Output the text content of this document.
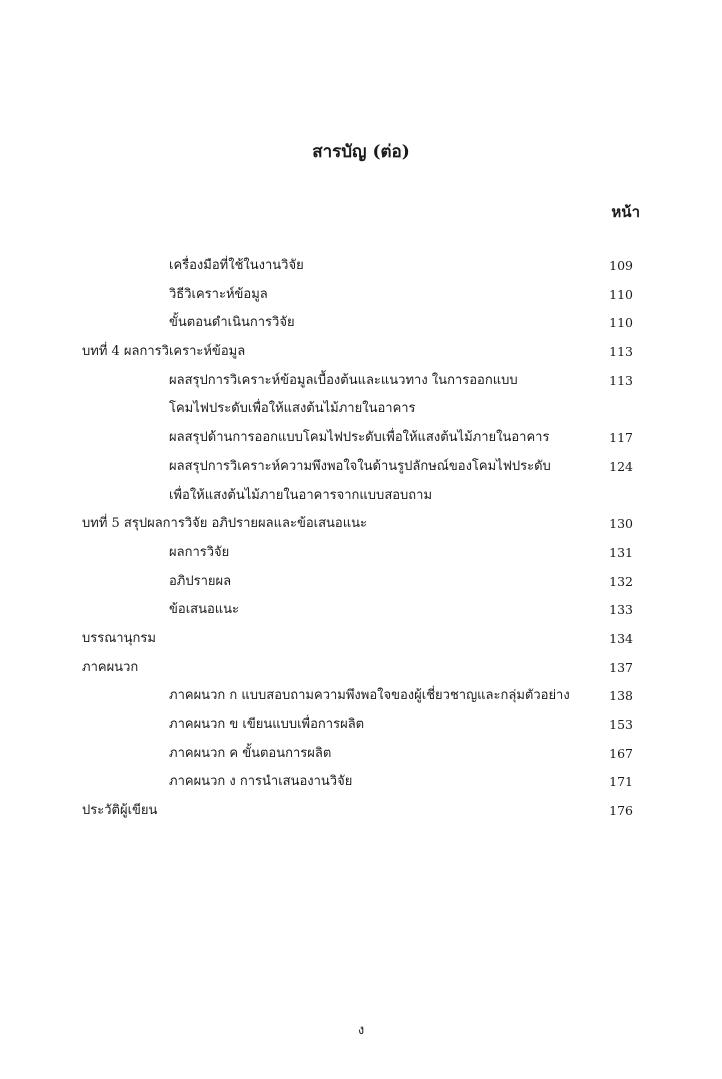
สารบัญ (ต่อ)
หน้า
เครื่องมือที่ใช้ในงานวิจัย	109
วิธีวิเคราะห์ข้อมูล	110
ขั้นตอนดำเนินการวิจัย	110
บทที่ 4 ผลการวิเคราะห์ข้อมูล	113
ผลสรุปการวิเคราะห์ข้อมูลเบื้องต้นและแนวทาง ในการออกแบบ	113
โคมไฟประดับเพื่อให้แสงต้นไม้ภายในอาคาร
ผลสรุปด้านการออกแบบโคมไฟประดับเพื่อให้แสงต้นไม้ภายในอาคาร	117
ผลสรุปการวิเคราะห์ความพึงพอใจในด้านรูปลักษณ์ของโคมไฟประดับ	124
เพื่อให้แสงต้นไม้ภายในอาคารจากแบบสอบถาม
บทที่ 5 สรุปผลการวิจัย อภิปรายผลและข้อเสนอแนะ	130
ผลการวิจัย	131
อภิปรายผล	132
ข้อเสนอแนะ	133
บรรณานุกรม	134
ภาคผนวก	137
ภาคผนวก ก แบบสอบถามความพึงพอใจของผู้เชี่ยวชาญและกลุ่มตัวอย่าง	138
ภาคผนวก ข เขียนแบบเพื่อการผลิต	153
ภาคผนวก ค ขั้นตอนการผลิต	167
ภาคผนวก ง การนำเสนองานวิจัย	171
ประวัติผู้เขียน	176
ง
